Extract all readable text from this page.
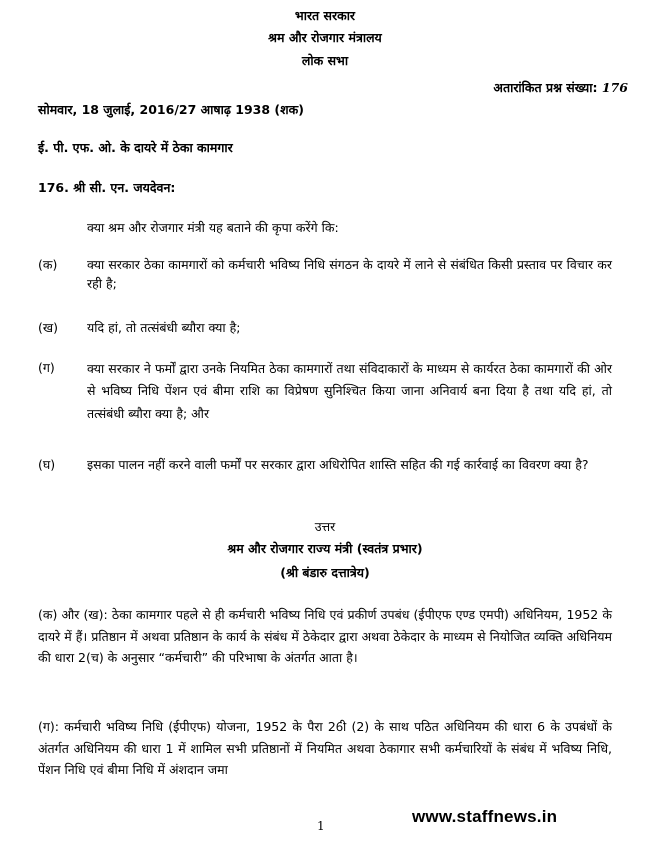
भारत सरकार
श्रम और रोजगार मंत्रालय
लोक सभा
अतारांकित प्रश्न संख्या: 176
सोमवार, 18 जुलाई, 2016/27 आषाढ़ 1938 (शक)
ई. पी. एफ. ओ. के दायरे में ठेका कामगार
176. श्री सी. एन. जयदेवन:
क्या श्रम और रोजगार मंत्री यह बताने की कृपा करेंगे कि:
(क) क्या सरकार ठेका कामगारों को कर्मचारी भविष्य निधि संगठन के दायरे में लाने से संबंधित किसी प्रस्ताव पर विचार कर रही है;
(ख) यदि हां, तो तत्संबंधी ब्यौरा क्या है;
(ग)	क्या सरकार ने फर्मों द्वारा उनके नियमित ठेका कामगारों तथा संविदाकारों के माध्यम से कार्यरत ठेका कामगारों की ओर से भविष्य निधि पेंशन एवं बीमा राशि का विप्रेषण सुनिश्चित किया जाना अनिवार्य बना दिया है तथा यदि हां, तो तत्संबंधी ब्यौरा क्या है; और
(घ)	इसका पालन नहीं करने वाली फर्मों पर सरकार द्वारा अधिरोपित शास्ति सहित की गई कार्रवाई का विवरण क्या है?
उत्तर
श्रम और रोजगार राज्य मंत्री (स्वतंत्र प्रभार)
(श्री बंडारु दत्तात्रेय)
(क) और (ख): ठेका कामगार पहले से ही कर्मचारी भविष्य निधि एवं प्रकीर्ण उपबंध (ईपीएफ एण्ड एमपी) अधिनियम, 1952 के दायरे में हैं। प्रतिष्ठान में अथवा प्रतिष्ठान के कार्य के संबंध में ठेकेदार द्वारा अथवा ठेकेदार के माध्यम से नियोजित व्यक्ति अधिनियम की धारा 2(च) के अनुसार “कर्मचारी” की परिभाषा के अंतर्गत आता है।
(ग): कर्मचारी भविष्य निधि (ईपीएफ) योजना, 1952 के पैरा 26ी (2) के साथ पठित अधिनियम की धारा 6 के उपबंधों के अंतर्गत अधिनियम की धारा 1 में शामिल सभी प्रतिष्ठानों में नियमित अथवा ठेकागार सभी कर्मचारियों के संबंध में भविष्य निधि, पेंशन निधि एवं बीमा निधि में अंशदान जमा
www.staffnews.in
1
